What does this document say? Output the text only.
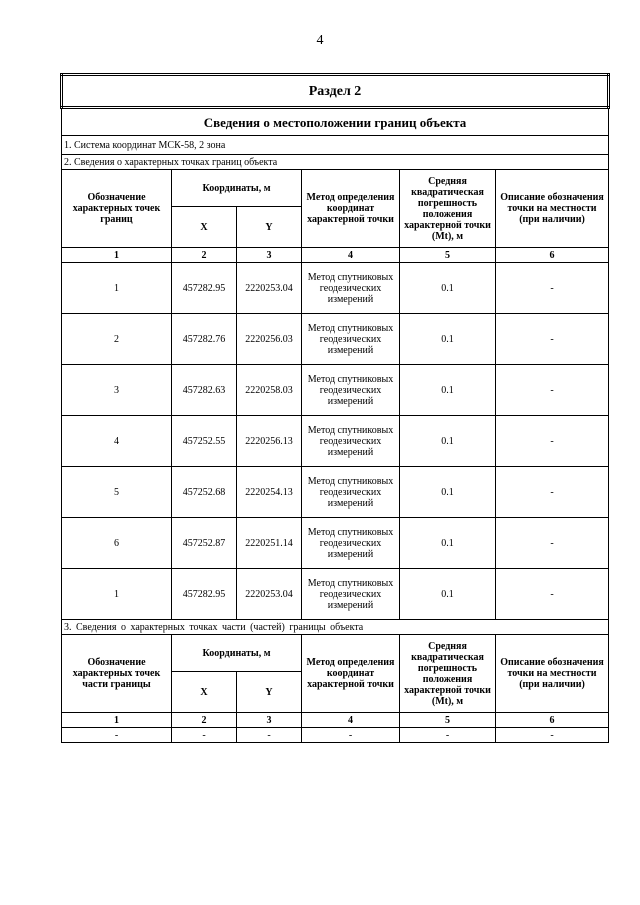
4
Раздел 2					
Сведения о местоположении границ объекта					
1. Система координат МСК-58, 2 зона					
2. Сведения о характерных точках границ объекта					
Обозначение характерных точек границ	Координаты, м		Метод определения координат характерной точки	Средняя квадратическая погрешность положения характерной точки (Mt), м	Описание обозначения точки на местности (при наличии)
	X	Y			
1	2	3	4	5	6
1	457282.95	2220253.04	Метод спутниковых геодезических измерений	0.1	-
2	457282.76	2220256.03	Метод спутниковых геодезических измерений	0.1	-
3	457282.63	2220258.03	Метод спутниковых геодезических измерений	0.1	-
4	457252.55	2220256.13	Метод спутниковых геодезических измерений	0.1	-
5	457252.68	2220254.13	Метод спутниковых геодезических измерений	0.1	-
6	457252.87	2220251.14	Метод спутниковых геодезических измерений	0.1	-
1	457282.95	2220253.04	Метод спутниковых геодезических измерений	0.1	-
3. Сведения о характерных точках части (частей) границы объекта					
Обозначение характерных точек части границы	Координаты, м		Метод определения координат характерной точки	Средняя квадратическая погрешность положения характерной точки (Mt), м	Описание обозначения точки на местности (при наличии)
	X	Y			
1	2	3	4	5	6
-	-	-	-	-	-
